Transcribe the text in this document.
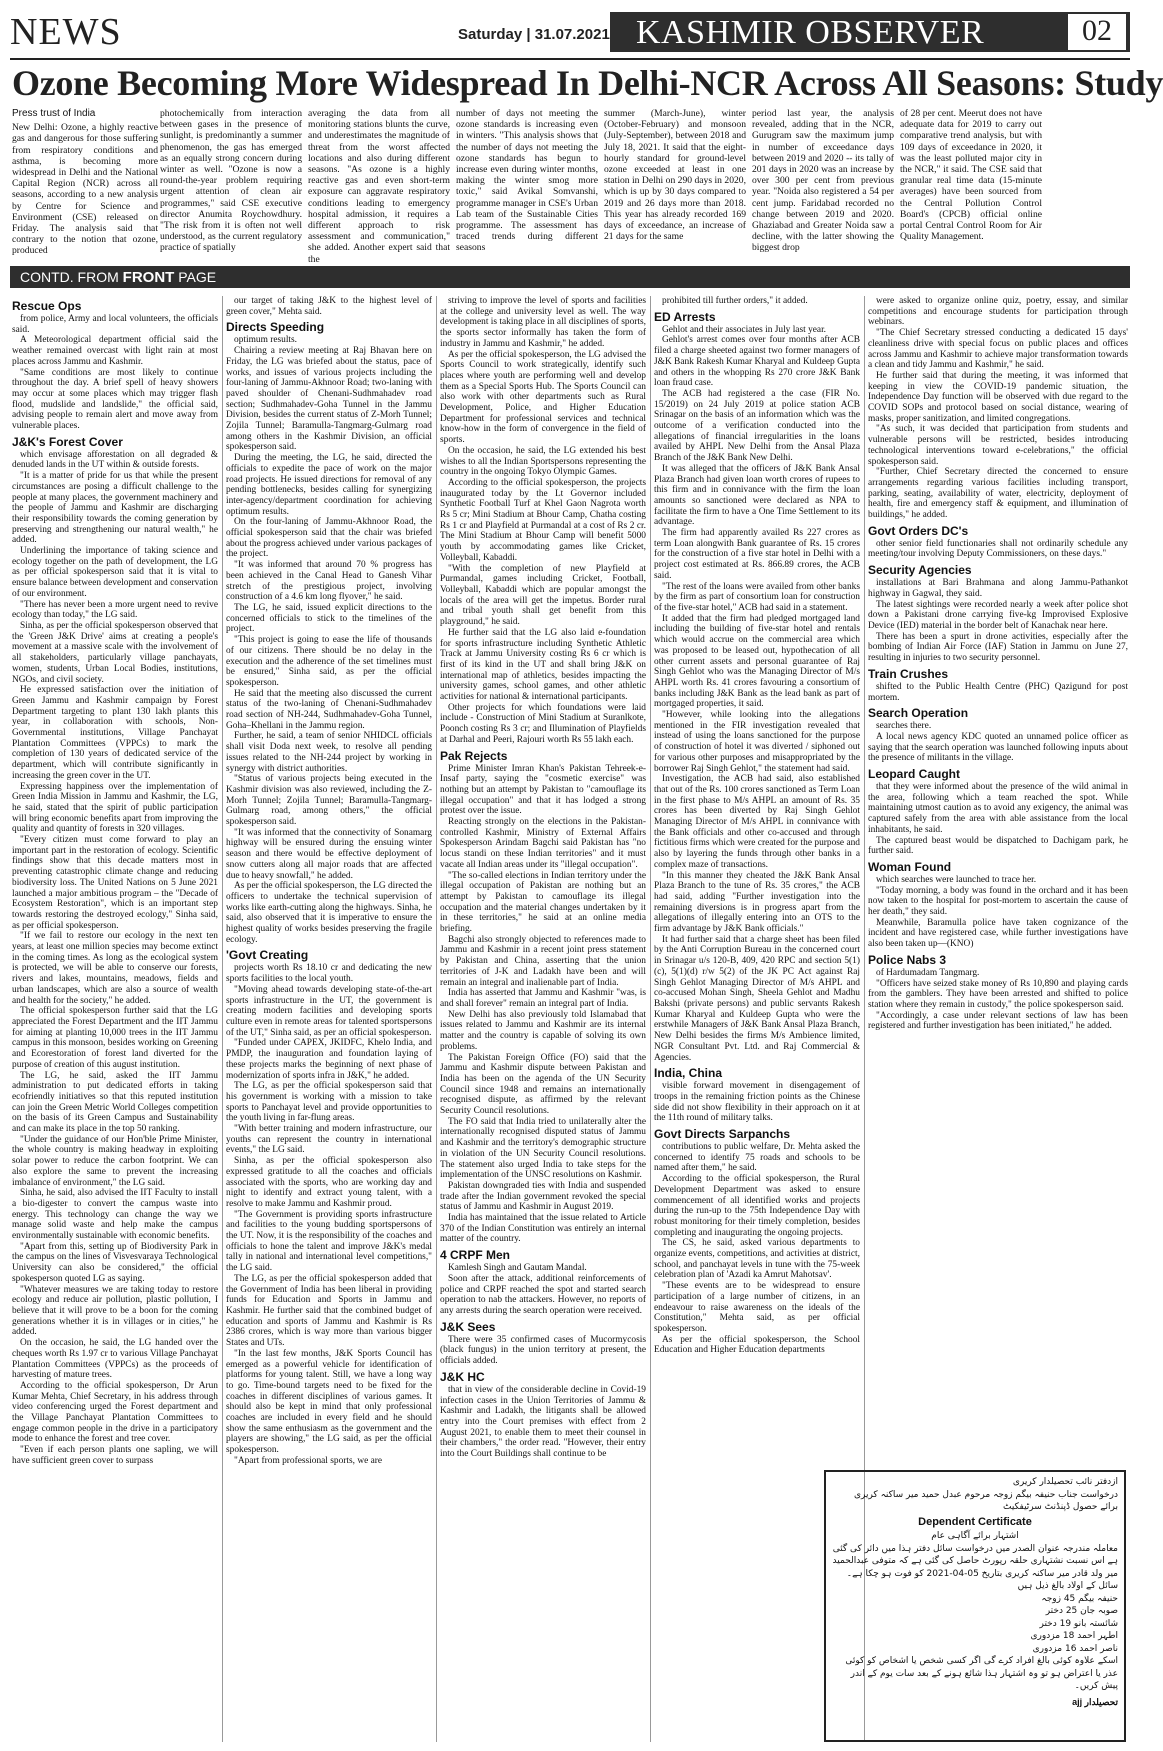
NEWS	Saturday | 31.07.2021 KASHMIR OBSERVER	02
Ozone Becoming More Widespread In Delhi-NCR Across All Seasons: Study
Press trust of India

New Delhi: Ozone, a highly reactive gas and dangerous for those suffering from respiratory conditions and asthma, is becoming more widespread in Delhi and the National Capital Region (NCR) across all seasons, according to a new analysis by Centre for Science and Environment (CSE) released on Friday. The analysis said that contrary to the notion that ozone, produced

photochemically from interaction between gases in the presence of sunlight, is predominantly a summer phenomenon, the gas has emerged as an equally strong concern during winter as well. "Ozone is now a round-the-year problem requiring urgent attention of clean air programmes," said CSE executive director Anumita Roychowdhury. "The risk from it is often not well understood, as the current regulatory practice of spatially

averaging the data from all monitoring stations blunts the curve, and underestimates the magnitude of threat from the worst affected locations and also during different seasons. "As ozone is a highly reactive gas and even short-term exposure can aggravate respiratory conditions leading to emergency hospital admission, it requires a different approach to risk assessment and communication," she added. Another expert said that the

number of days not meeting the ozone standards is increasing even in winters. "This analysis shows that the number of days not meeting the ozone standards has begun to increase even during winter months, making the winter smog more toxic," said Avikal Somvanshi, programme manager in CSE's Urban Lab team of the Sustainable Cities programme. The assessment has traced trends during different seasons

summer (March-June), winter (October-February) and monsoon (July-September), between 2018 and July 18, 2021. It said that the eight-hourly standard for ground-level ozone exceeded at least in one station in Delhi on 290 days in 2020, which is up by 30 days compared to 2019 and 26 days more than 2018. This year has already recorded 169 days of exceedance, an increase of 21 days for the same

period last year, the analysis revealed, adding that in the NCR, Gurugram saw the maximum jump in number of exceedance days between 2019 and 2020 -- its tally of 201 days in 2020 was an increase by over 300 per cent from previous year. "Noida also registered a 54 per cent jump. Faridabad recorded no change between 2019 and 2020. Ghaziabad and Greater Noida saw a decline, with the latter showing the biggest drop

of 28 per cent. Meerut does not have adequate data for 2019 to carry out comparative trend analysis, but with 109 days of exceedance in 2020, it was the least polluted major city in the NCR," it said. The CSE said that granular real time data (15-minute averages) have been sourced from the Central Pollution Control Board's (CPCB) official online portal Central Control Room for Air Quality Management.

CONTD. FROM FRONT PAGE
Rescue Ops

from police, Army and local volunteers, the officials said.

A Meteorological department official said the weather remained overcast with light rain at most places across Jammu and Kashmir.

"Same conditions are most likely to continue throughout the day. A brief spell of heavy showers may occur at some places which may trigger flash flood, mudslide and landslide," the official said, advising people to remain alert and move away from vulnerable places.

J&K's Forest Cover

which envisage afforestation on all degraded & denuded lands in the UT within & outside forests.

"It is a matter of pride for us that while the present circumstances are posing a difficult challenge to the people at many places, the government machinery and the people of Jammu and Kashmir are discharging their responsibility towards the coming generation by preserving and strengthening our natural wealth," he added.

Underlining the importance of taking science and ecology together on the path of development, the LG as per official spokesperson said that it is vital to ensure balance between development and conservation of our environment.

"There has never been a more urgent need to revive ecology than today," the LG said.

Sinha, as per the official spokesperson observed that the 'Green J&K Drive' aims at creating a people's movement at a massive scale with the involvement of all stakeholders, particularly village panchayats, women, students, Urban Local Bodies, institutions, NGOs, and civil society.

He expressed satisfaction over the initiation of Green Jammu and Kashmir campaign by Forest Department targeting to plant 130 lakh plants this year, in collaboration with schools, Non-Governmental institutions, Village Panchayat Plantation Committees (VPPCs) to mark the completion of 130 years of dedicated service of the department, which will contribute significantly in increasing the green cover in the UT.

Expressing happiness over the implementation of Green India Mission in Jammu and Kashmir, the LG, he said, stated that the spirit of public participation will bring economic benefits apart from improving the quality and quantity of forests in 320 villages.

"Every citizen must come forward to play an important part in the restoration of ecology. Scientific findings show that this decade matters most in preventing catastrophic climate change and reducing biodiversity loss. The United Nations on 5 June 2021 launched a major ambitious program – the "Decade of Ecosystem Restoration", which is an important step towards restoring the destroyed ecology," Sinha said, as per official spokesperson.

"If we fail to restore our ecology in the next ten years, at least one million species may become extinct in the coming times. As long as the ecological system is protected, we will be able to conserve our forests, rivers and lakes, mountains, meadows, fields and urban landscapes, which are also a source of wealth and health for the society," he added.

The official spokesperson further said that the LG appreciated the Forest Department and the IIT Jammu for aiming at planting 10,000 trees in the IIT Jammu campus in this monsoon, besides working on Greening and Ecorestoration of forest land diverted for the purpose of creation of this august institution.

The LG, he said, asked the IIT Jammu administration to put dedicated efforts in taking ecofriendly initiatives so that this reputed institution can join the Green Metric World Colleges competition on the basis of its Green Campus and Sustainability and can make its place in the top 50 ranking.

"Under the guidance of our Hon'ble Prime Minister, the whole country is making headway in exploiting solar power to reduce the carbon footprint. We can also explore the same to prevent the increasing imbalance of environment," the LG said.

Sinha, he said, also advised the IIT Faculty to install a bio-digester to convert the campus waste into energy. This technology can change the way we manage solid waste and help make the campus environmentally sustainable with economic benefits.

"Apart from this, setting up of Biodiversity Park in the campus on the lines of Visvesvaraya Technological University can also be considered," the official spokesperson quoted LG as saying.

"Whatever measures we are taking today to restore ecology and reduce air pollution, plastic pollution, I believe that it will prove to be a boon for the coming generations whether it is in villages or in cities," he added.

On the occasion, he said, the LG handed over the cheques worth Rs 1.97 cr to various Village Panchayat Plantation Committees (VPPCs) as the proceeds of harvesting of mature trees.

According to the official spokesperson, Dr Arun Kumar Mehta, Chief Secretary, in his address through video conferencing urged the Forest department and the Village Panchayat Plantation Committees to engage common people in the drive in a participatory mode to enhance the forest and tree cover.

"Even if each person plants one sapling, we will have sufficient green cover to surpass

our target of taking J&K to the highest level of green cover," Mehta said.

Directs Speeding

optimum results.

Chairing a review meeting at Raj Bhavan here on Friday, the LG was briefed about the status, pace of works, and issues of various projects including the four-laning of Jammu-Akhnoor Road; two-laning with paved shoulder of Chenani-Sudhmahadev road section; Sudhmahadev-Goha Tunnel in the Jammu Division, besides the current status of Z-Morh Tunnel; Zojila Tunnel; Baramulla-Tangmarg-Gulmarg road among others in the Kashmir Division, an official spokesperson said.

During the meeting, the LG, he said, directed the officials to expedite the pace of work on the major road projects. He issued directions for removal of any pending bottlenecks, besides calling for synergizing inter-agency/department coordination for achieving optimum results.

On the four-laning of Jammu-Akhnoor Road, the official spokesperson said that the chair was briefed about the progress achieved under various packages of the project.

"It was informed that around 70 % progress has been achieved in the Canal Head to Ganesh Vihar stretch of the prestigious project, involving construction of a 4.6 km long flyover," he said.

The LG, he said, issued explicit directions to the concerned officials to stick to the timelines of the project.

"This project is going to ease the life of thousands of our citizens. There should be no delay in the execution and the adherence of the set timelines must be ensured," Sinha said, as per the official spokesperson.

He said that the meeting also discussed the current status of the two-laning of Chenani-Sudhmahadev road section of NH-244, Sudhmahadev-Goha Tunnel, Goha–Khellani in the Jammu region.

Further, he said, a team of senior NHIDCL officials shall visit Doda next week, to resolve all pending issues related to the NH-244 project by working in synergy with district authorities.

"Status of various projects being executed in the Kashmir division was also reviewed, including the Z-Morh Tunnel; Zojila Tunnel; Baramulla-Tangmarg-Gulmarg road, among others," the official spokesperson said.

"It was informed that the connectivity of Sonamarg highway will be ensured during the ensuing winter season and there would be effective deployment of snow cutters along all major roads that are affected due to heavy snowfall," he added.

As per the official spokesperson, the LG directed the officers to undertake the technical supervision of works like earth-cutting along the highways. Sinha, he said, also observed that it is imperative to ensure the highest quality of works besides preserving the fragile ecology.

'Govt Creating

projects worth Rs 18.10 cr and dedicating the new sports facilities to the local youth.

"Moving ahead towards developing state-of-the-art sports infrastructure in the UT, the government is creating modern facilities and developing sports culture even in remote areas for talented sportspersons of the UT," Sinha said, as per an official spokesperson.

"Funded under CAPEX, JKIDFC, Khelo India, and PMDP, the inauguration and foundation laying of these projects marks the beginning of next phase of modernization of sports infra in J&K," he added.

The LG, as per the official spokesperson said that his government is working with a mission to take sports to Panchayat level and provide opportunities to the youth living in far-flung areas.

"With better training and modern infrastructure, our youths can represent the country in international events," the LG said.

Sinha, as per the official spokesperson also expressed gratitude to all the coaches and officials associated with the sports, who are working day and night to identify and extract young talent, with a resolve to make Jammu and Kashmir proud.

"The Government is providing sports infrastructure and facilities to the young budding sportspersons of the UT. Now, it is the responsibility of the coaches and officials to hone the talent and improve J&K's medal tally in national and international level competitions," the LG said.

The LG, as per the official spokesperson added that the Government of India has been liberal in providing funds for Education and Sports in Jammu and Kashmir. He further said that the combined budget of education and sports of Jammu and Kashmir is Rs 2386 crores, which is way more than various bigger States and UTs.

"In the last few months, J&K Sports Council has emerged as a powerful vehicle for identification of platforms for young talent. Still, we have a long way to go. Time-bound targets need to be fixed for the coaches in different disciplines of various games. It should also be kept in mind that only professional coaches are included in every field and he should show the same enthusiasm as the government and the players are showing," the LG said, as per the official spokesperson.

"Apart from professional sports, we are

striving to improve the level of sports and facilities at the college and university level as well. The way development is taking place in all disciplines of sports, the sports sector informally has taken the form of industry in Jammu and Kashmir," he added.

As per the official spokesperson, the LG advised the Sports Council to work strategically, identify such places where youth are performing well and develop them as a Special Sports Hub. The Sports Council can also work with other departments such as Rural Development, Police, and Higher Education Department for professional services and technical know-how in the form of convergence in the field of sports.

On the occasion, he said, the LG extended his best wishes to all the Indian Sportspersons representing the country in the ongoing Tokyo Olympic Games.

According to the official spokesperson, the projects inaugurated today by the Lt Governor included Synthetic Football Turf at Khel Gaon Nagrota worth Rs 5 cr; Mini Stadium at Bhour Camp, Chatha costing Rs 1 cr and Playfield at Purmandal at a cost of Rs 2 cr. The Mini Stadium at Bhour Camp will benefit 5000 youth by accommodating games like Cricket, Volleyball, Kabaddi.

"With the completion of new Playfield at Purmandal, games including Cricket, Football, Volleyball, Kabaddi which are popular amongst the locals of the area will get the impetus. Border rural and tribal youth shall get benefit from this playground," he said.

He further said that the LG also laid e-foundation for sports infrastructure including Synthetic Athletic Track at Jammu University costing Rs 6 cr which is first of its kind in the UT and shall bring J&K on international map of athletics, besides impacting the university games, school games, and other athletic activities for national & international participants.

Other projects for which foundations were laid include - Construction of Mini Stadium at Suranlkote, Poonch costing Rs 3 cr; and Illumination of Playfields at Darhal and Peeri, Rajouri worth Rs 55 lakh each.

Pak Rejects

Prime Minister Imran Khan's Pakistan Tehreek-e-Insaf party, saying the "cosmetic exercise" was nothing but an attempt by Pakistan to "camouflage its illegal occupation" and that it has lodged a strong protest over the issue.

Reacting strongly on the elections in the Pakistan-controlled Kashmir, Ministry of External Affairs Spokesperson Arindam Bagchi said Pakistan has "no locus standi on these Indian territories" and it must vacate all Indian areas under its "illegal occupation".

"The so-called elections in Indian territory under the illegal occupation of Pakistan are nothing but an attempt by Pakistan to camouflage its illegal occupation and the material changes undertaken by it in these territories," he said at an online media briefing.

Bagchi also strongly objected to references made to Jammu and Kashmir in a recent joint press statement by Pakistan and China, asserting that the union territories of J-K and Ladakh have been and will remain an integral and inalienable part of India.

India has asserted that Jammu and Kashmir "was, is and shall forever" remain an integral part of India.

New Delhi has also previously told Islamabad that issues related to Jammu and Kashmir are its internal matter and the country is capable of solving its own problems.

The Pakistan Foreign Office (FO) said that the Jammu and Kashmir dispute between Pakistan and India has been on the agenda of the UN Security Council since 1948 and remains an internationally recognised dispute, as affirmed by the relevant Security Council resolutions.

The FO said that India tried to unilaterally alter the internationally recognised disputed status of Jammu and Kashmir and the territory's demographic structure in violation of the UN Security Council resolutions. The statement also urged India to take steps for the implementation of the UNSC resolutions on Kashmir.

Pakistan downgraded ties with India and suspended trade after the Indian government revoked the special status of Jammu and Kashmir in August 2019.

India has maintained that the issue related to Article 370 of the Indian Constitution was entirely an internal matter of the country.

4 CRPF Men

Kamlesh Singh and Gautam Mandal.

Soon after the attack, additional reinforcements of police and CRPF reached the spot and started search operation to nab the attackers. However, no reports of any arrests during the search operation were received.

J&K Sees

There were 35 confirmed cases of Mucormycosis (black fungus) in the union territory at present, the officials added.

J&K HC

that in view of the considerable decline in Covid-19 infection cases in the Union Territories of Jammu & Kashmir and Ladakh, the litigants shall be allowed entry into the Court premises with effect from 2 August 2021, to enable them to meet their counsel in their chambers," the order read. "However, their entry into the Court Buildings shall continue to be

prohibited till further orders," it added.

ED Arrests

Gehlot and their associates in July last year.

Gehlot's arrest comes over four months after ACB filed a charge sheeted against two former managers of J&K Bank Rakesh Kumar Kharyal and Kuldeep Gupta and others in the whopping Rs 270 crore J&K Bank loan fraud case.

The ACB had registered a the case (FIR No. 15/2019) on 24 July 2019 at police station ACB Srinagar on the basis of an information which was the outcome of a verification conducted into the allegations of financial irregularities in the loans availed by AHPL New Delhi from the Ansal Plaza Branch of the J&K Bank New Delhi.

It was alleged that the officers of J&K Bank Ansal Plaza Branch had given loan worth crores of rupees to this firm and in connivance with the firm the loan amounts so sanctioned were declared as NPA to facilitate the firm to have a One Time Settlement to its advantage.

The firm had apparently availed Rs 227 crores as term Loan alongwith Bank guarantee of Rs. 15 crores for the construction of a five star hotel in Delhi with a project cost estimated at Rs. 866.89 crores, the ACB said.

"The rest of the loans were availed from other banks by the firm as part of consortium loan for construction of the five-star hotel," ACB had said in a statement.

It added that the firm had pledged mortgaged land including the building of five-star hotel and rentals which would accrue on the commercial area which was proposed to be leased out, hypothecation of all other current assets and personal guarantee of Raj Singh Gehlot who was the Managing Director of M/s AHPL worth Rs. 41 crores favouring a consortium of banks including J&K Bank as the lead bank as part of mortgaged properties, it said.

"However, while looking into the allegations mentioned in the FIR investigation revealed that instead of using the loans sanctioned for the purpose of construction of hotel it was diverted / siphoned out for various other purposes and misappropriated by the borrower Raj Singh Gehlot," the statement had said.

Investigation, the ACB had said, also established that out of the Rs. 100 crores sanctioned as Term Loan in the first phase to M/s AHPL an amount of Rs. 35 crores has been diverted by Raj Singh Gehlot Managing Director of M/s AHPL in connivance with the Bank officials and other co-accused and through fictitious firms which were created for the purpose and also by layering the funds through other banks in a complex maze of transactions.

"In this manner they cheated the J&K Bank Ansal Plaza Branch to the tune of Rs. 35 crores," the ACB had said, adding "Further investigation into the remaining diversions is in progress apart from the allegations of illegally entering into an OTS to the firm advantage by J&K Bank officials."

It had further said that a charge sheet has been filed by the Anti Corruption Bureau in the concerned court in Srinagar u/s 120-B, 409, 420 RPC and section 5(1)(c), 5(1)(d) r/w 5(2) of the JK PC Act against Raj Singh Gehlot Managing Director of M/s AHPL and co-accused Mohan Singh, Sheela Gehlot and Madhu Bakshi (private persons) and public servants Rakesh Kumar Kharyal and Kuldeep Gupta who were the erstwhile Managers of J&K Bank Ansal Plaza Branch, New Delhi besides the firms M/s Ambience limited, NGR Consultant Pvt. Ltd. and Raj Commercial & Agencies.

India, China

visible forward movement in disengagement of troops in the remaining friction points as the Chinese side did not show flexibility in their approach on it at the 11th round of military talks.

Govt Directs Sarpanchs

contributions to public welfare, Dr. Mehta asked the concerned to identify 75 roads and schools to be named after them," he said.

According to the official spokesperson, the Rural Development Department was asked to ensure commencement of all identified works and projects during the run-up to the 75th Independence Day with robust monitoring for their timely completion, besides completing and inaugurating the ongoing projects.

The CS, he said, asked various departments to organize events, competitions, and activities at district, school, and panchayat levels in tune with the 75-week celebration plan of 'Azadi ka Amrut Mahotsav'.

"These events are to be widespread to ensure participation of a large number of citizens, in an endeavour to raise awareness on the ideals of the Constitution," Mehta said, as per official spokesperson.

As per the official spokesperson, the School Education and Higher Education departments

were asked to organize online quiz, poetry, essay, and similar competitions and encourage students for participation through webinars.

"The Chief Secretary stressed conducting a dedicated 15 days' cleanliness drive with special focus on public places and offices across Jammu and Kashmir to achieve major transformation towards a clean and tidy Jammu and Kashmir," he said.

He further said that during the meeting, it was informed that keeping in view the COVID-19 pandemic situation, the Independence Day function will be observed with due regard to the COVID SOPs and protocol based on social distance, wearing of masks, proper sanitization, and limited congregations.

"As such, it was decided that participation from students and vulnerable persons will be restricted, besides introducing technological interventions toward e-celebrations," the official spokesperson said.

"Further, Chief Secretary directed the concerned to ensure arrangements regarding various facilities including transport, parking, seating, availability of water, electricity, deployment of health, fire and emergency staff & equipment, and illumination of buildings," he added.

Govt Orders DC's

other senior field functionaries shall not ordinarily schedule any meeting/tour involving Deputy Commissioners, on these days."

Security Agencies

installations at Bari Brahmana and along Jammu-Pathankot highway in Gagwal, they said.

The latest sightings were recorded nearly a week after police shot down a Pakistani drone carrying five-kg Improvised Explosive Device (IED) material in the border belt of Kanachak near here.

There has been a spurt in drone activities, especially after the bombing of Indian Air Force (IAF) Station in Jammu on June 27, resulting in injuries to two security personnel.

Train Crushes

shifted to the Public Health Centre (PHC) Qazigund for post mortem.

Search Operation

searches there.

A local news agency KDC quoted an unnamed police officer as saying that the search operation was launched following inputs about the presence of militants in the village.

Leopard Caught

that they were informed about the presence of the wild animal in the area, following which a team reached the spot. While maintaining utmost caution as to avoid any exigency, the animal was captured safely from the area with able assistance from the local inhabitants, he said.

The captured beast would be dispatched to Dachigam park, he further said.

Woman Found

which searches were launched to trace her.

"Today morning, a body was found in the orchard and it has been now taken to the hospital for post-mortem to ascertain the cause of her death," they said.

Meanwhile, Baramulla police have taken cognizance of the incident and have registered case, while further investigations have also been taken up—(KNO)

Police Nabs 3

of Hardumadam Tangmarg.

"Officers have seized stake money of Rs 10,890 and playing cards from the gamblers. They have been arrested and shifted to police station where they remain in custody," the police spokesperson said.

"Accordingly, a case under relevant sections of law has been registered and further investigation has been initiated," he added.

ازدفتر نائب تحصیلدار کریری
درخواست جناب حنیفہ بیگم زوجہ مرحوم عبدل حمید میر ساکنہ کریری
برائے حصول ڈپنڈنٹ سرٹیفکیٹ
Dependent Certificate
اشتہار برائے آگاہی عام
معاملہ مندرجہ عنوان الصدر میں درخواست سائل دفتر ہذا میں دائر کی گئی ہے اس نسبت نشتہاری حلقہ رپورٹ حاصل کی گئی ہے کہ متوفی عبدالحمید میر ولد قادر میر ساکنہ کریری بتاریخ 05-04-2021 کو فوت ہو چکا ہے۔ سائل کے اولاد بالغ ذیل ہیں
حنیفہ بیگم 45 زوجہ
صوبہ جان 25 دختر
شائستہ بانو 19 دختر
اطہر احمد 18 مزدوری
ناصر احمد 16 مزدوری
اسکے علاوہ کوئی بالغ افراد کرے گی اگر کسی شخص یا اشخاص کو کوئی عذر یا اعتراض ہو تو وہ اشتہار ہذا شائع ہونے کے بعد سات یوم کے اندر پیش کریں۔
ajj تحصیلدار
